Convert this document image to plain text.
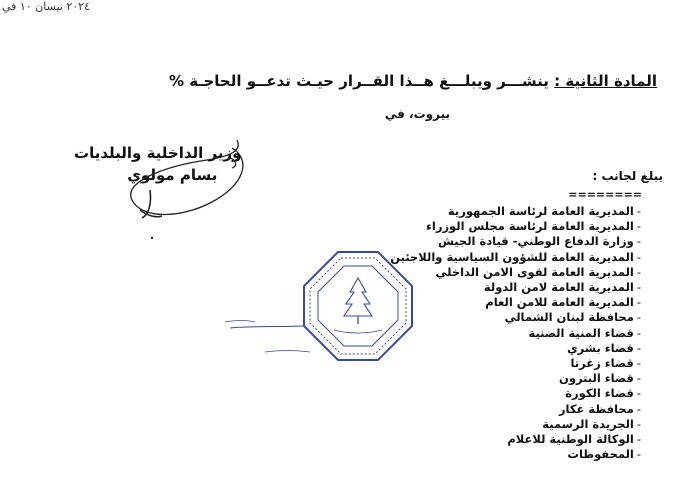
المادة الثانية : ينشـــر ويبلـــغ هــذا القــرار حيـث تدعــو الحاجـة %
بيروت، في
٢٠٢٤ نيسان ١٠ في
وزير الداخلية والبلديات
بسام مولوي	يبلغ لجانب :
========
-المديرية العامة لرئاسة الجمهورية
-المديرية العامة لرئاسة مجلس الوزراء
-وزارة الدفاع الوطني- قيادة الجيش
-المديرية العامة للشؤون السياسية واللاجئين
-المديرية العامة لقوى الامن الداخلي
-المديرية العامة لامن الدولة
-المديرية العامة للامن العام
-محافظة لبنان الشمالي
-قضاء المنية الضنية
-قضاء بشري
-قضاء زغرتا
-قضاء البترون
-قضاء الكورة
-محافظة عكار
-الجريدة الرسمية
-الوكالة الوطنية للاعلام
-المحفوظات
